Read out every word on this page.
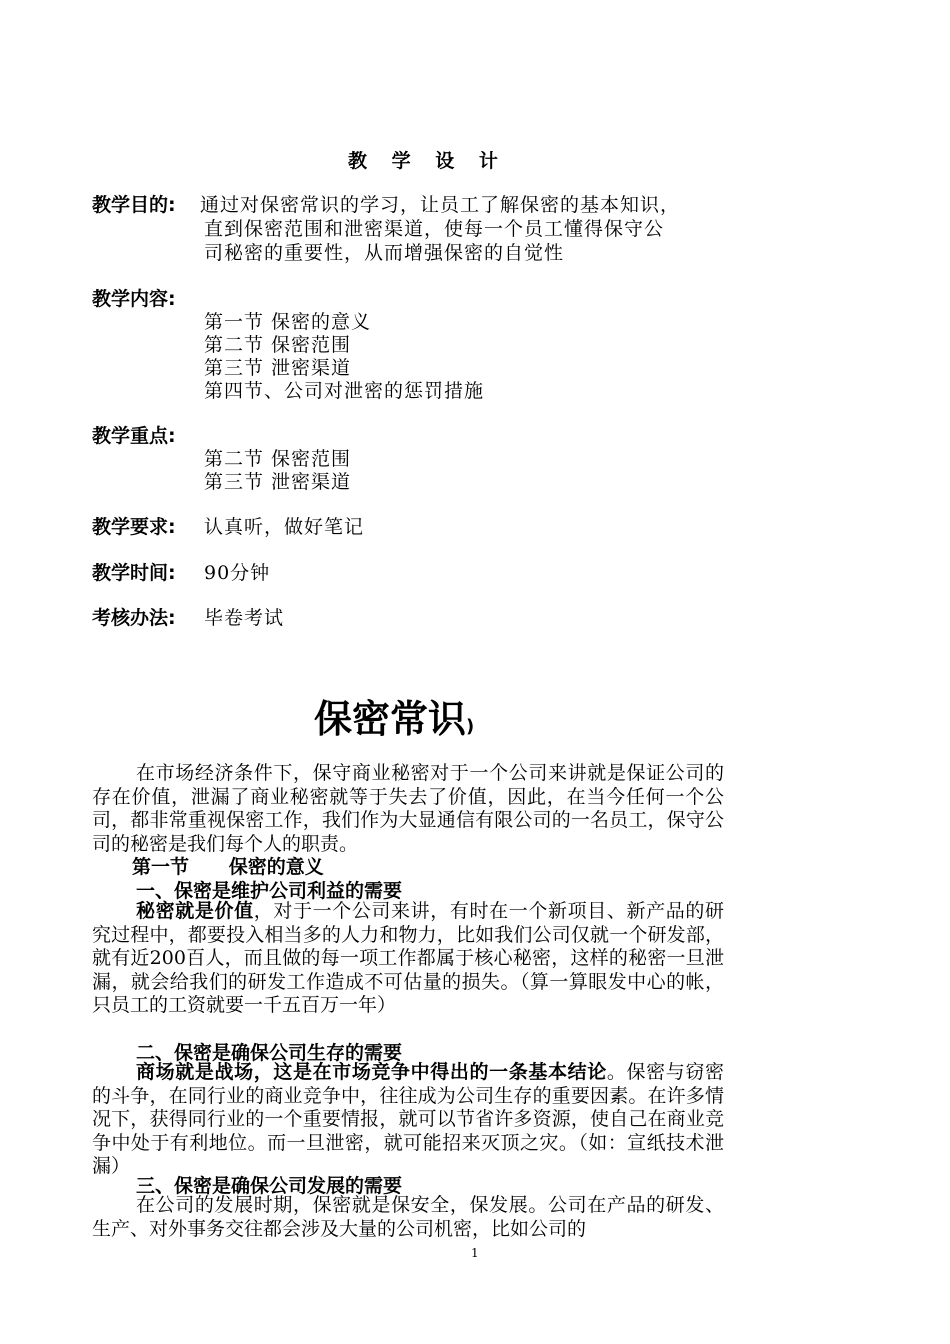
教 学 设 计
教学目的: 通过对保密常识的学习，让员工了解保密的基本知识，
直到保密范围和泄密渠道，使每一个员工懂得保守公
司秘密的重要性，从而增强保密的自觉性
教学内容:
第一节 保密的意义
第二节 保密范围
第三节 泄密渠道
第四节、公司对泄密的惩罚措施
教学重点:
第二节 保密范围
第三节 泄密渠道
教学要求: 认真听，做好笔记
教学时间: 90分钟
考核办法: 毕卷考试
保密常识)
在市场经济条件下，保守商业秘密对于一个公司来讲就是保证公司的存在价值，泄漏了商业秘密就等于失去了价值，因此，在当今任何一个公司，都非常重视保密工作，我们作为大显通信有限公司的一名员工，保守公司的秘密是我们每个人的职责。
第一节      保密的意义
一、保密是维护公司利益的需要
秘密就是价值，对于一个公司来讲，有时在一个新项目、新产品的研究过程中，都要投入相当多的人力和物力，比如我们公司仅就一个研发部，就有近200百人，而且做的每一项工作都属于核心秘密，这样的秘密一旦泄漏，就会给我们的研发工作造成不可估量的损失。（算一算眼发中心的帐，只员工的工资就要一千五百万一年）
二、保密是确保公司生存的需要
商场就是战场，这是在市场竞争中得出的一条基本结论。保密与窃密的斗争，在同行业的商业竞争中，往往成为公司生存的重要因素。在许多情况下，获得同行业的一个重要情报，就可以节省许多资源，使自己在商业竞争中处于有利地位。而一旦泄密，就可能招来灭顶之灾。（如：宣纸技术泄漏）
三、保密是确保公司发展的需要
在公司的发展时期，保密就是保安全，保发展。公司在产品的研发、生产、对外事务交往都会涉及大量的公司机密，比如公司的
1
